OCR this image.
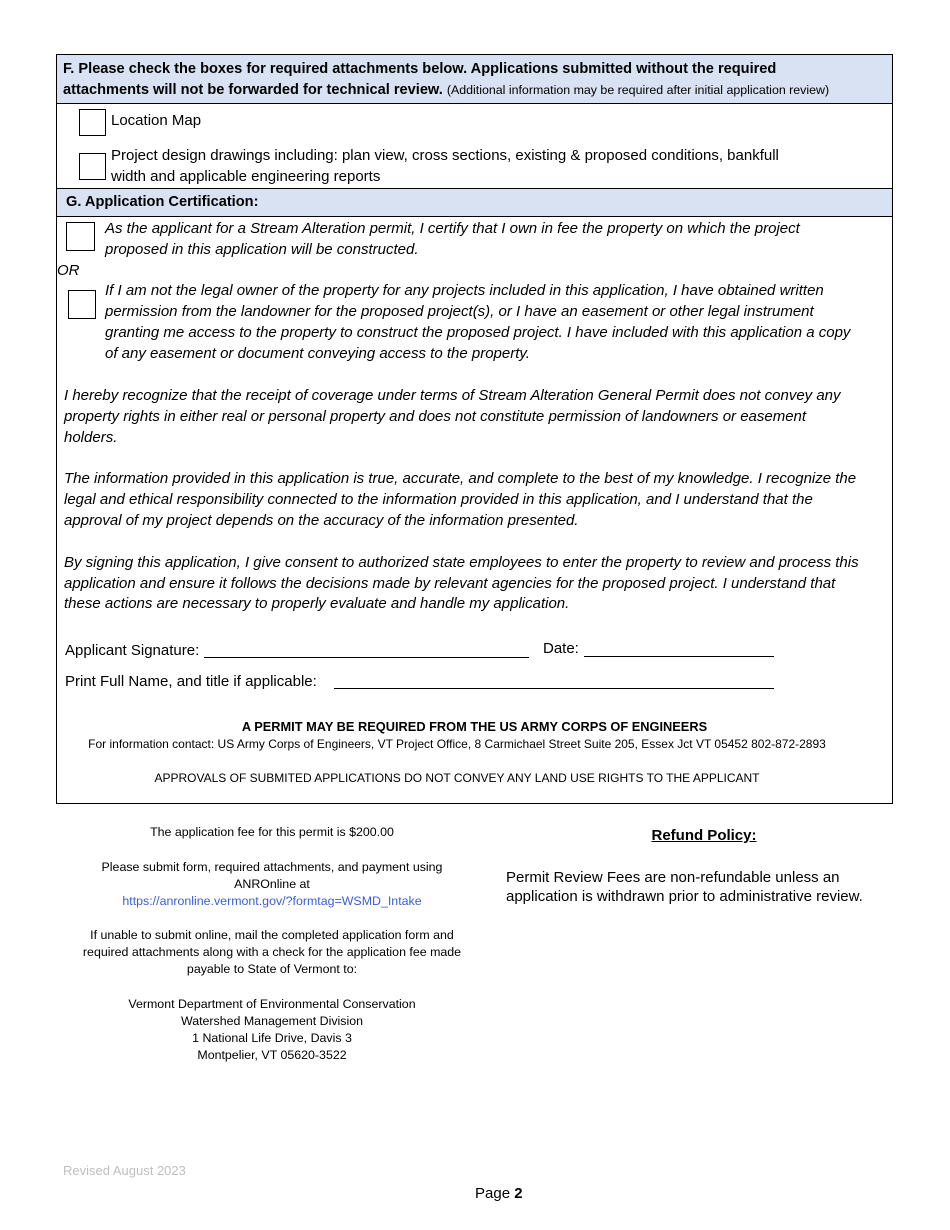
F. Please check the boxes for required attachments below. Applications submitted without the required
attachments will not be forwarded for technical review. (Additional information may be required after initial application review)
Location Map
Project design drawings including: plan view, cross sections, existing & proposed conditions, bankfull
width and applicable engineering reports
G. Application Certification:
As the applicant for a Stream Alteration permit, I certify that I own in fee the property on which the project
proposed in this application will be constructed.
OR
If I am not the legal owner of the property for any projects included in this application, I have obtained written
permission from the landowner for the proposed project(s), or I have an easement or other legal instrument
granting me access to the property to construct the proposed project. I have included with this application a copy
of any easement or document conveying access to the property.
I hereby recognize that the receipt of coverage under terms of Stream Alteration General Permit does not convey any
property rights in either real or personal property and does not constitute permission of landowners or easement
holders.
The information provided in this application is true, accurate, and complete to the best of my knowledge. I recognize the
legal and ethical responsibility connected to the information provided in this application, and I understand that the
approval of my project depends on the accuracy of the information presented.
By signing this application, I give consent to authorized state employees to enter the property to review and process this
application and ensure it follows the decisions made by relevant agencies for the proposed project. I understand that
these actions are necessary to properly evaluate and handle my application.
Applicant Signature:	Date:
Print Full Name, and title if applicable:
A PERMIT MAY BE REQUIRED FROM THE US ARMY CORPS OF ENGINEERS
For information contact: US Army Corps of Engineers, VT Project Office, 8 Carmichael Street Suite 205, Essex Jct VT 05452 802-872-2893
APPROVALS OF SUBMITED APPLICATIONS DO NOT CONVEY ANY LAND USE RIGHTS TO THE APPLICANT
The application fee for this permit is $200.00
Please submit form, required attachments, and payment using
ANROnline at
https://anronline.vermont.gov/?formtag=WSMD_Intake
If unable to submit online, mail the completed application form and
required attachments along with a check for the application fee made
payable to State of Vermont to:
Vermont Department of Environmental Conservation
Watershed Management Division
1 National Life Drive, Davis 3
Montpelier, VT 05620-3522
Refund Policy:
Permit Review Fees are non-refundable unless an
application is withdrawn prior to administrative review.
Revised August 2023
Page 2
